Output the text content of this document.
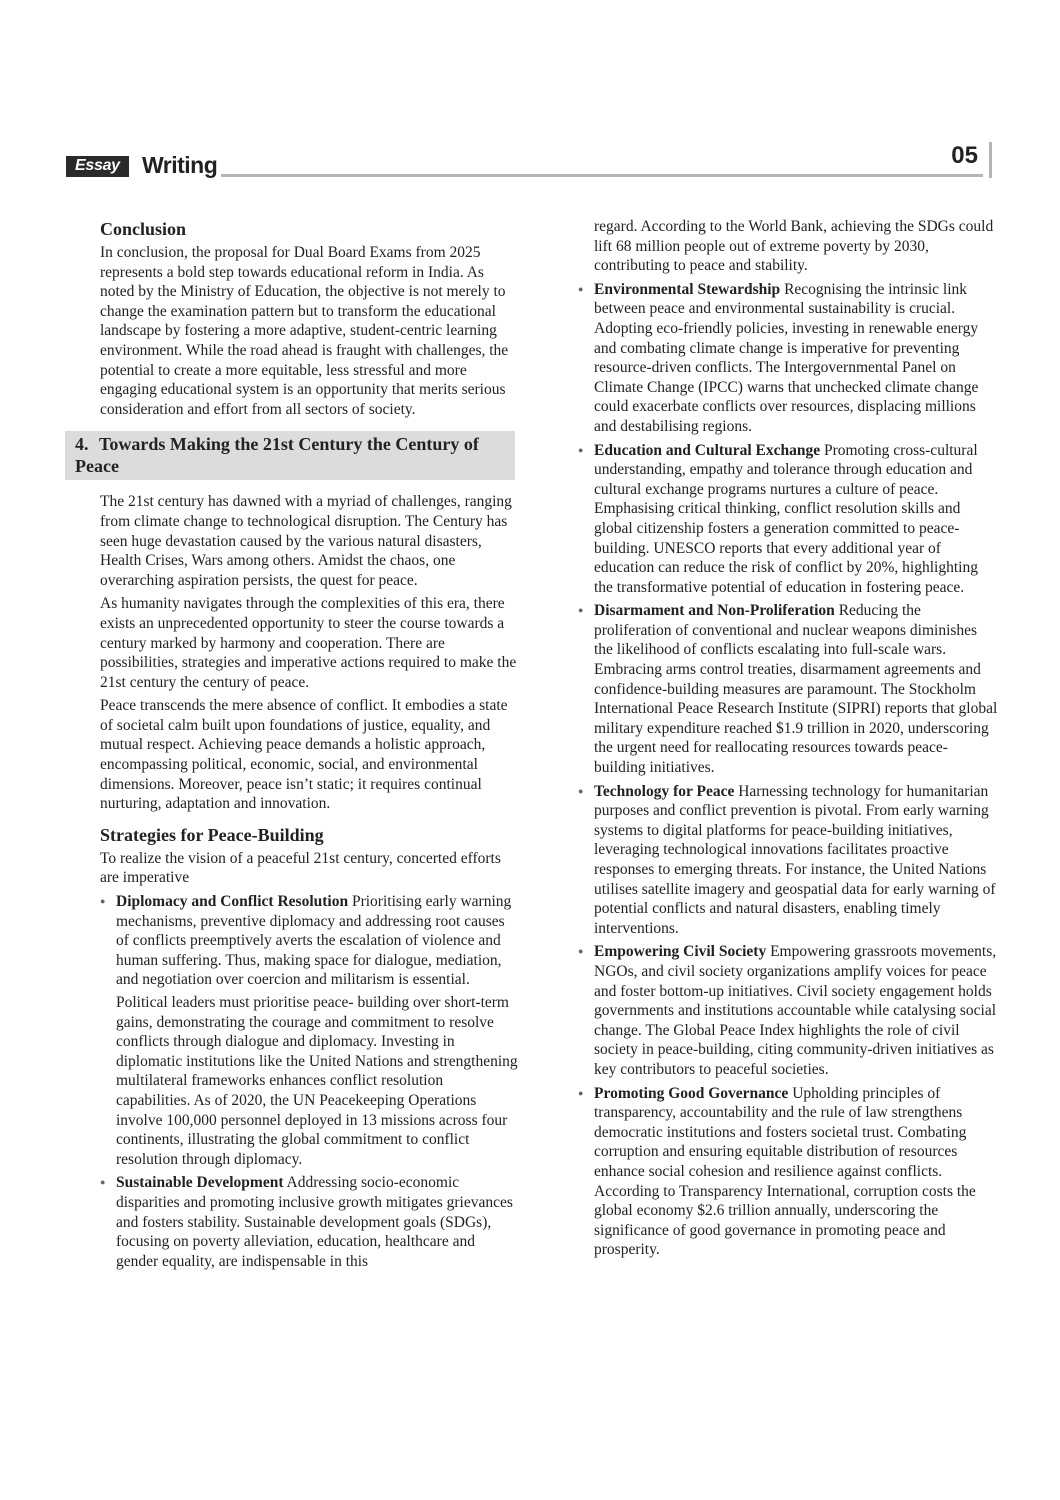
Essay Writing	05
Conclusion

In conclusion, the proposal for Dual Board Exams from 2025 represents a bold step towards educational reform in India. As noted by the Ministry of Education, the objective is not merely to change the examination pattern but to transform the educational landscape by fostering a more adaptive, student-centric learning environment. While the road ahead is fraught with challenges, the potential to create a more equitable, less stressful and more engaging educational system is an opportunity that merits serious consideration and effort from all sectors of society.

4. Towards Making the 21st Century the Century of Peace

The 21st century has dawned with a myriad of challenges, ranging from climate change to technological disruption. The Century has seen huge devastation caused by the various natural disasters, Health Crises, Wars among others. Amidst the chaos, one overarching aspiration persists, the quest for peace.

As humanity navigates through the complexities of this era, there exists an unprecedented opportunity to steer the course towards a century marked by harmony and cooperation. There are possibilities, strategies and imperative actions required to make the 21st century the century of peace.

Peace transcends the mere absence of conflict. It embodies a state of societal calm built upon foundations of justice, equality, and mutual respect. Achieving peace demands a holistic approach, encompassing political, economic, social, and environmental dimensions. Moreover, peace isn’t static; it requires continual nurturing, adaptation and innovation.

Strategies for Peace-Building

To realize the vision of a peaceful 21st century, concerted efforts are imperative

● Diplomacy and Conflict Resolution Prioritising early warning mechanisms, preventive diplomacy and addressing root causes of conflicts preemptively averts the escalation of violence and human suffering. Thus, making space for dialogue, mediation, and negotiation over coercion and militarism is essential.

Political leaders must prioritise peace- building over short-term gains, demonstrating the courage and commitment to resolve conflicts through dialogue and diplomacy. Investing in diplomatic institutions like the United Nations and strengthening multilateral frameworks enhances conflict resolution capabilities. As of 2020, the UN Peacekeeping Operations involve 100,000 personnel deployed in 13 missions across four continents, illustrating the global commitment to conflict resolution through diplomacy.

● Sustainable Development Addressing socio-economic disparities and promoting inclusive growth mitigates grievances and fosters stability. Sustainable development goals (SDGs), focusing on poverty alleviation, education, healthcare and gender equality, are indispensable in this

regard. According to the World Bank, achieving the SDGs could lift 68 million people out of extreme poverty by 2030, contributing to peace and stability.

● Environmental Stewardship Recognising the intrinsic link between peace and environmental sustainability is crucial. Adopting eco-friendly policies, investing in renewable energy and combating climate change is imperative for preventing resource-driven conflicts. The Intergovernmental Panel on Climate Change (IPCC) warns that unchecked climate change could exacerbate conflicts over resources, displacing millions and destabilising regions.
● Education and Cultural Exchange Promoting cross-cultural understanding, empathy and tolerance through education and cultural exchange programs nurtures a culture of peace. Emphasising critical thinking, conflict resolution skills and global citizenship fosters a generation committed to peace-building. UNESCO reports that every additional year of education can reduce the risk of conflict by 20%, highlighting the transformative potential of education in fostering peace.
● Disarmament and Non-Proliferation Reducing the proliferation of conventional and nuclear weapons diminishes the likelihood of conflicts escalating into full-scale wars. Embracing arms control treaties, disarmament agreements and confidence-building measures are paramount. The Stockholm International Peace Research Institute (SIPRI) reports that global military expenditure reached $1.9 trillion in 2020, underscoring the urgent need for reallocating resources towards peace-building initiatives.
● Technology for Peace Harnessing technology for humanitarian purposes and conflict prevention is pivotal. From early warning systems to digital platforms for peace-building initiatives, leveraging technological innovations facilitates proactive responses to emerging threats. For instance, the United Nations utilises satellite imagery and geospatial data for early warning of potential conflicts and natural disasters, enabling timely interventions.
● Empowering Civil Society Empowering grassroots movements, NGOs, and civil society organizations amplify voices for peace and foster bottom-up initiatives. Civil society engagement holds governments and institutions accountable while catalysing social change. The Global Peace Index highlights the role of civil society in peace-building, citing community-driven initiatives as key contributors to peaceful societies.
● Promoting Good Governance Upholding principles of transparency, accountability and the rule of law strengthens democratic institutions and fosters societal trust. Combating corruption and ensuring equitable distribution of resources enhance social cohesion and resilience against conflicts. According to Transparency International, corruption costs the global economy $2.6 trillion annually, underscoring the significance of good governance in promoting peace and prosperity.
